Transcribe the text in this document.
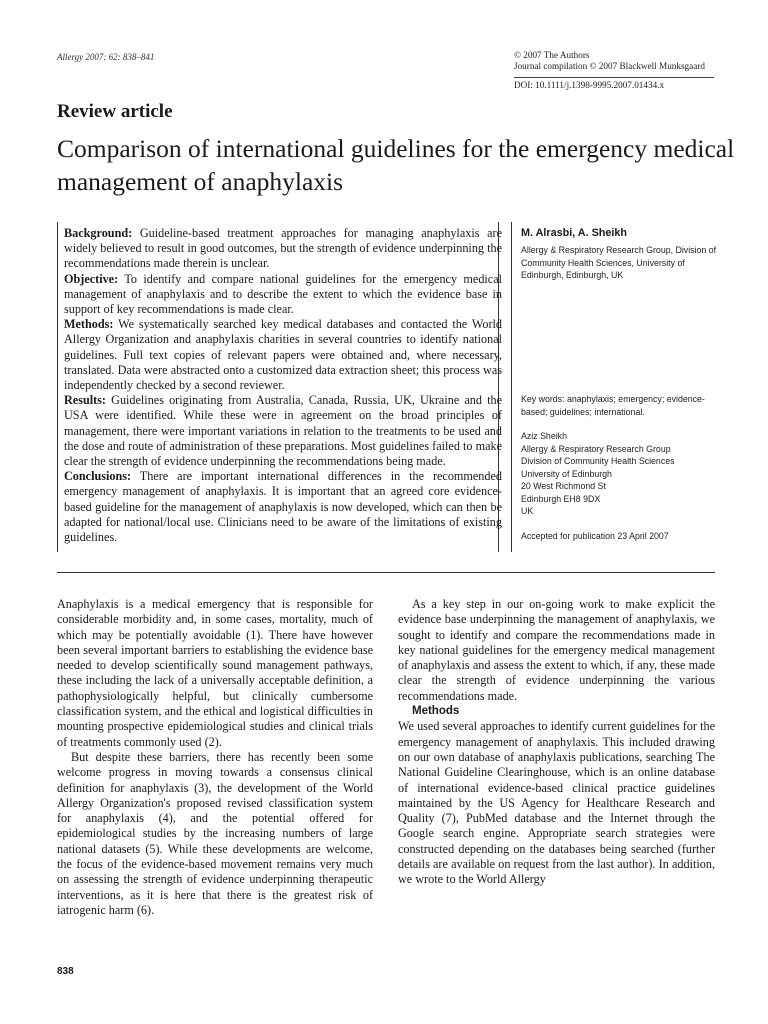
Allergy 2007: 62: 838–841	© 2007 The Authors
Journal compilation © 2007 Blackwell Munksgaard
DOI: 10.1111/j.1398-9995.2007.01434.x
Review article
Comparison of international guidelines for the emergency medical management of anaphylaxis

Background: Guideline-based treatment approaches for managing anaphylaxis are widely believed to result in good outcomes, but the strength of evidence underpinning the recommendations made therein is unclear.

Objective: To identify and compare national guidelines for the emergency medical management of anaphylaxis and to describe the extent to which the evidence base in support of key recommendations is made clear.

Methods: We systematically searched key medical databases and contacted the World Allergy Organization and anaphylaxis charities in several countries to identify national guidelines. Full text copies of relevant papers were obtained and, where necessary, translated. Data were abstracted onto a customized data extraction sheet; this process was independently checked by a second reviewer.

Results: Guidelines originating from Australia, Canada, Russia, UK, Ukraine and the USA were identified. While these were in agreement on the broad principles of management, there were important variations in relation to the treatments to be used and the dose and route of administration of these preparations. Most guidelines failed to make clear the strength of evidence underpinning the recommendations being made.

Conclusions: There are important international differences in the recommended emergency management of anaphylaxis. It is important that an agreed core evidence-based guideline for the management of anaphylaxis is now developed, which can then be adapted for national/local use. Clinicians need to be aware of the limitations of existing guidelines.

M. Alrasbi, A. Sheikh
Allergy & Respiratory Research Group, Division of Community Health Sciences, University of Edinburgh, Edinburgh, UK
Key words: anaphylaxis; emergency; evidence-based; guidelines; international.
Aziz Sheikh
Allergy & Respiratory Research Group
Division of Community Health Sciences
University of Edinburgh
20 West Richmond St
Edinburgh EH8 9DX
UK
Accepted for publication 23 April 2007

Anaphylaxis is a medical emergency that is responsible for considerable morbidity and, in some cases, mortality, much of which may be potentially avoidable (1). There have however been several important barriers to establishing the evidence base needed to develop scientifically sound management pathways, these including the lack of a universally acceptable definition, a pathophysiologically helpful, but clinically cumbersome classification system, and the ethical and logistical difficulties in mounting prospective epidemiological studies and clinical trials of treatments commonly used (2).

But despite these barriers, there has recently been some welcome progress in moving towards a consensus clinical definition for anaphylaxis (3), the development of the World Allergy Organization's proposed revised classification system for anaphylaxis (4), and the potential offered for epidemiological studies by the increasing numbers of large national datasets (5). While these developments are welcome, the focus of the evidence-based movement remains very much on assessing the strength of evidence underpinning therapeutic interventions, as it is here that there is the greatest risk of iatrogenic harm (6).

As a key step in our on-going work to make explicit the evidence base underpinning the management of anaphylaxis, we sought to identify and compare the recommendations made in key national guidelines for the emergency medical management of anaphylaxis and assess the extent to which, if any, these made clear the strength of evidence underpinning the various recommendations made.

Methods

We used several approaches to identify current guidelines for the emergency management of anaphylaxis. This included drawing on our own database of anaphylaxis publications, searching The National Guideline Clearinghouse, which is an online database of international evidence-based clinical practice guidelines maintained by the US Agency for Healthcare Research and Quality (7), PubMed database and the Internet through the Google search engine. Appropriate search strategies were constructed depending on the databases being searched (further details are available on request from the last author). In addition, we wrote to the World Allergy

838
